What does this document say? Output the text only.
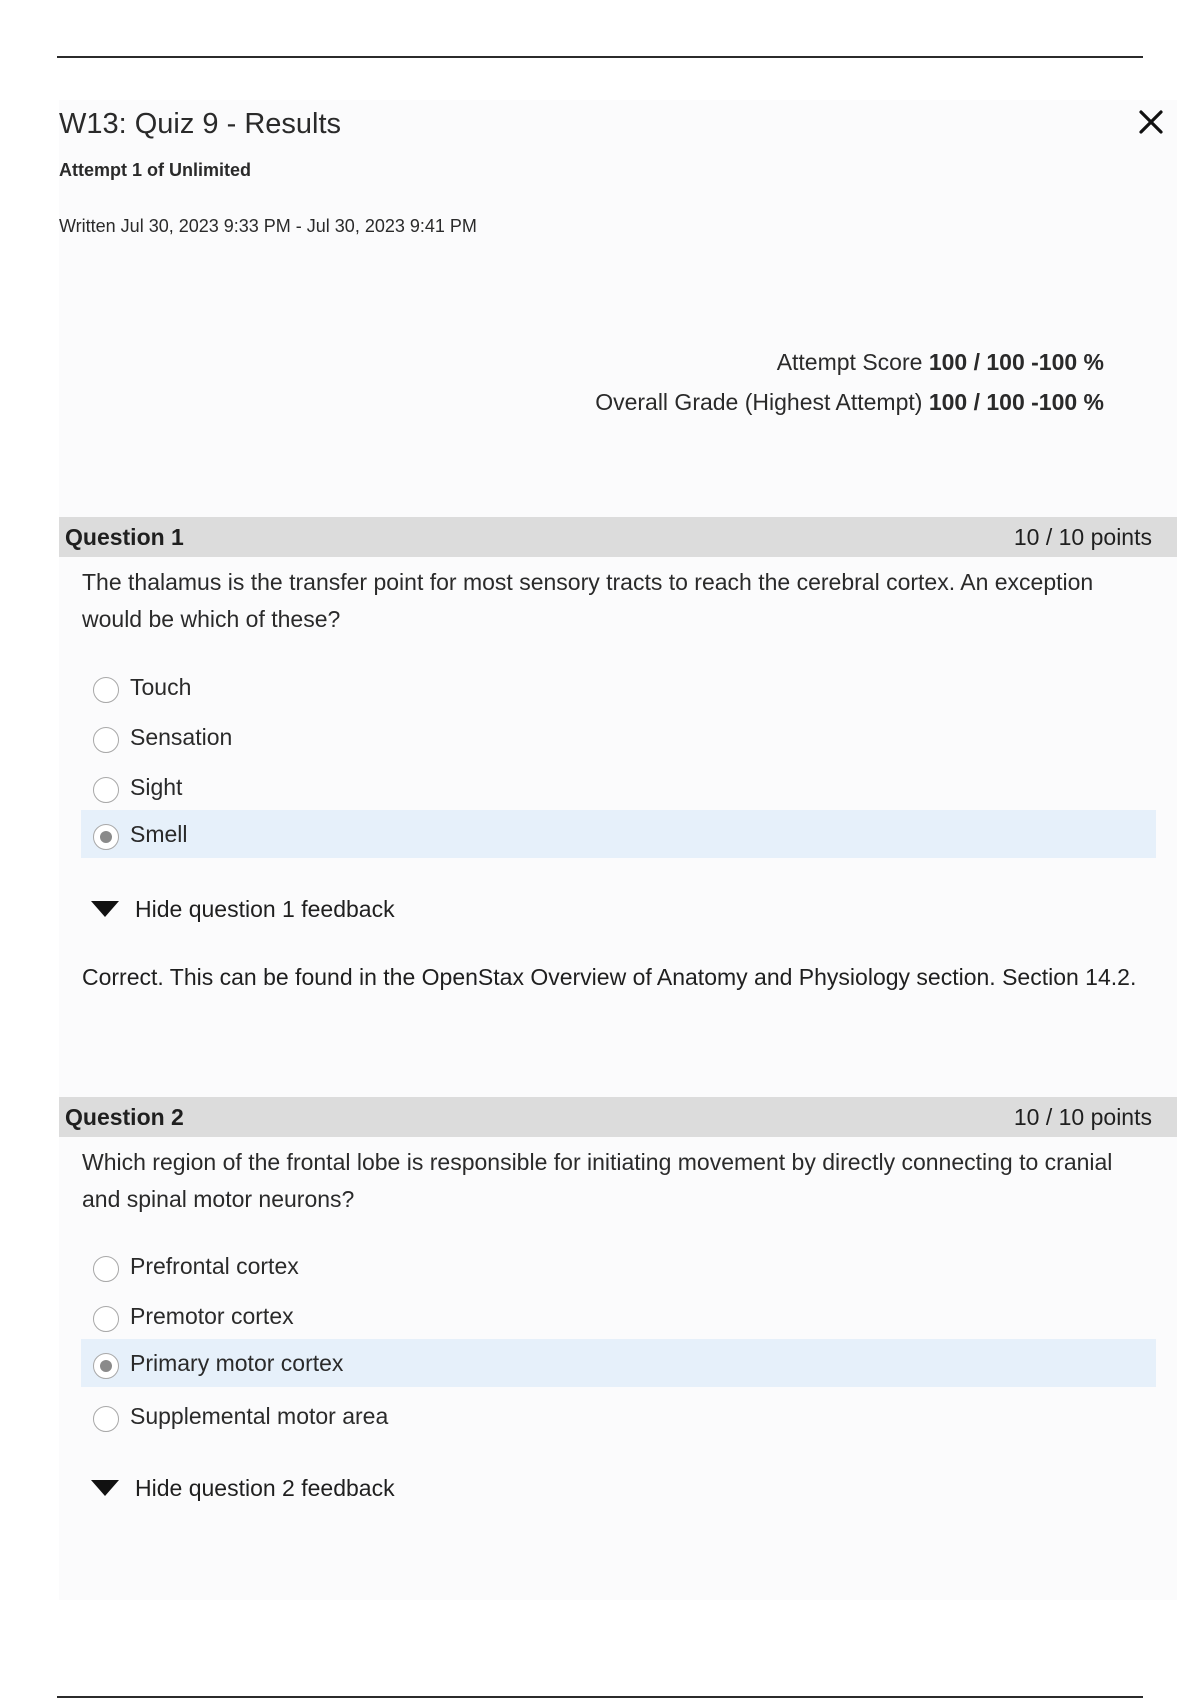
W13: Quiz 9 - Results
Attempt 1 of Unlimited
Written Jul 30, 2023 9:33 PM - Jul 30, 2023 9:41 PM
Attempt Score 100 / 100 -100 %
Overall Grade (Highest Attempt) 100 / 100 -100 %
Question 1	10 / 10 points
The thalamus is the transfer point for most sensory tracts to reach the cerebral cortex. An exception would be which of these?
Touch
Sensation
Sight
Smell
Hide question 1 feedback
Correct. This can be found in the OpenStax Overview of Anatomy and Physiology section. Section 14.2.
Question 2	10 / 10 points
Which region of the frontal lobe is responsible for initiating movement by directly connecting to cranial and spinal motor neurons?
Prefrontal cortex
Premotor cortex
Primary motor cortex
Supplemental motor area
Hide question 2 feedback
